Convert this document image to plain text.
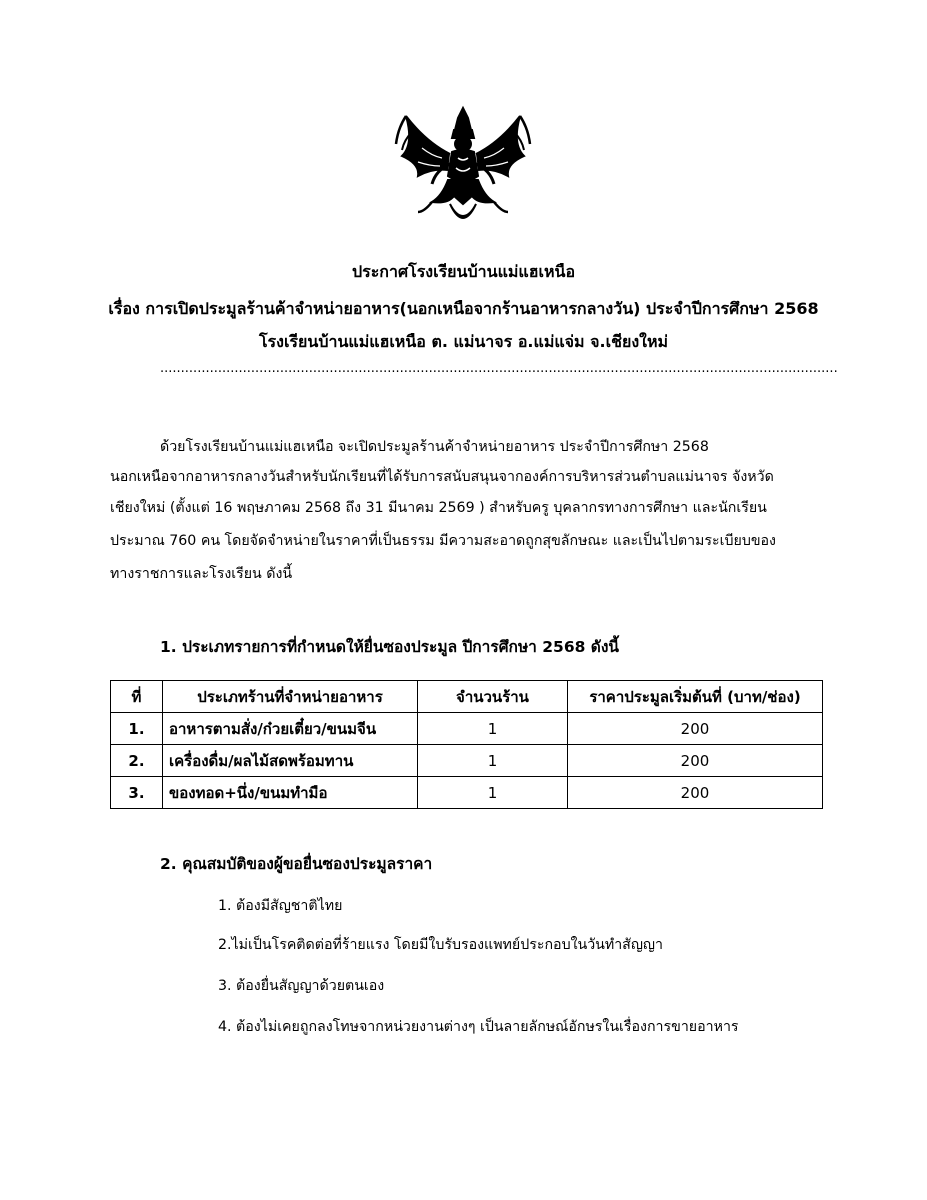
ประกาศโรงเรียนบ้านแม่แฮเหนือ
เรื่อง การเปิดประมูลร้านค้าจำหน่ายอาหาร(นอกเหนือจากร้านอาหารกลางวัน) ประจำปีการศึกษา 2568
โรงเรียนบ้านแม่แฮเหนือ ต. แม่นาจร อ.แม่แจ่ม จ.เชียงใหม่
....................................................................................................................................................................
ด้วยโรงเรียนบ้านแม่แฮเหนือ จะเปิดประมูลร้านค้าจำหน่ายอาหาร ประจำปีการศึกษา 2568
นอกเหนือจากอาหารกลางวันสำหรับนักเรียนที่ได้รับการสนับสนุนจากองค์การบริหารส่วนตำบลแม่นาจร จังหวัด
เชียงใหม่ (ตั้งแต่ 16 พฤษภาคม 2568 ถึง 31 มีนาคม 2569 ) สำหรับครู บุคลากรทางการศึกษา และนักเรียน
ประมาณ 760 คน โดยจัดจำหน่ายในราคาที่เป็นธรรม มีความสะอาดถูกสุขลักษณะ และเป็นไปตามระเบียบของ
ทางราชการและโรงเรียน ดังนี้
1. ประเภทรายการที่กำหนดให้ยื่นซองประมูล ปีการศึกษา 2568 ดังนี้
ที่	ประเภทร้านที่จำหน่ายอาหาร	จำนวนร้าน	ราคาประมูลเริ่มต้นที่ (บาท/ช่อง)
1.	อาหารตามสั่ง/ก๋วยเตี๋ยว/ขนมจีน	1	200
2.	เครื่องดื่ม/ผลไม้สดพร้อมทาน	1	200
3.	ของทอด+นึ่ง/ขนมทำมือ	1	200
2. คุณสมบัติของผู้ขอยื่นซองประมูลราคา
1. ต้องมีสัญชาติไทย
2.ไม่เป็นโรคติดต่อที่ร้ายแรง โดยมีใบรับรองแพทย์ประกอบในวันทำสัญญา
3. ต้องยื่นสัญญาด้วยตนเอง
4. ต้องไม่เคยถูกลงโทษจากหน่วยงานต่างๆ เป็นลายลักษณ์อักษรในเรื่องการขายอาหาร
